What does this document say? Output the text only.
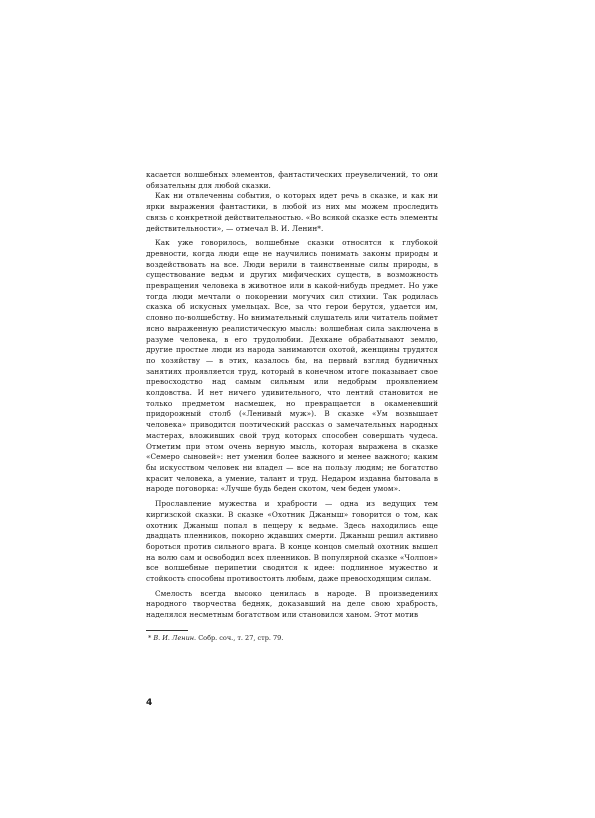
касается волшебных элементов, фантастических преувеличений, то они обязательны для любой сказки.

Как ни отвлеченны события, о которых идет речь в сказке, и как ни ярки выражения фантастики, в любой из них мы можем проследить связь с конкретной действительностью. «Во всякой сказке есть элементы действительности», — отмечал В. И. Ленин*.

Как уже говорилось, волшебные сказки относятся к глубокой древности, когда люди еще не научились понимать законы природы и воздействовать на все. Люди верили в таинственные силы природы, в существование ведьм и других мифических существ, в возможность превращения человека в животное или в какой-нибудь предмет. Но уже тогда люди мечтали о покорении могучих сил стихии. Так родилась сказка об искусных умельцах. Все, за что герои берутся, удается им, словно по-волшебству. Но внимательный слушатель или читатель поймет ясно выраженную реалистическую мысль: волшебная сила заключена в разуме человека, в его трудолюбии. Дехкане обрабатывают землю, другие простые люди из народа занимаются охотой, женщины трудятся по хозяйству — в этих, казалось бы, на первый взгляд будничных занятиях проявляется труд, который в конечном итоге показывает свое превосходство над самым сильным или недобрым проявлением колдовства. И нет ничего удивительного, что лентяй становится не только предметом насмешек, но превращается в окаменевший придорожный столб («Ленивый муж»). В сказке «Ум возвышает человека» приводится поэтический рассказ о замечательных народных мастерах, вложивших свой труд которых способен совершать чудеса. Отметим при этом очень верную мысль, которая выражена в сказке «Семеро сыновей»: нет умения более важного и менее важного; каким бы искусством человек ни владел — все на пользу людям; не богатство красит человека, а умение, талант и труд. Недаром издавна бытовала в народе поговорка: «Лучше будь беден скотом, чем беден умом».

Прославление мужества и храбрости — одна из ведущих тем киргизской сказки. В сказке «Охотник Джаныш» говорится о том, как охотник Джаныш попал в пещеру к ведьме. Здесь находились еще двадцать пленников, покорно ждавших смерти. Джаныш решил активно бороться против сильного врага. В конце концов смелый охотник вышел на волю сам и освободил всех пленников. В популярной сказке «Чолпон» все волшебные перипетии сводятся к идее: подлинное мужество и стойкость способны противостоять любым, даже превосходящим силам.

Смелость всегда высоко ценилась в народе. В произведениях народного творчества бедняк, доказавший на деле свою храбрость, наделялся несметным богатством или становился ханом. Этот мотив

* В. И. Ленин. Собр. соч., т. 27, стр. 79.

4
